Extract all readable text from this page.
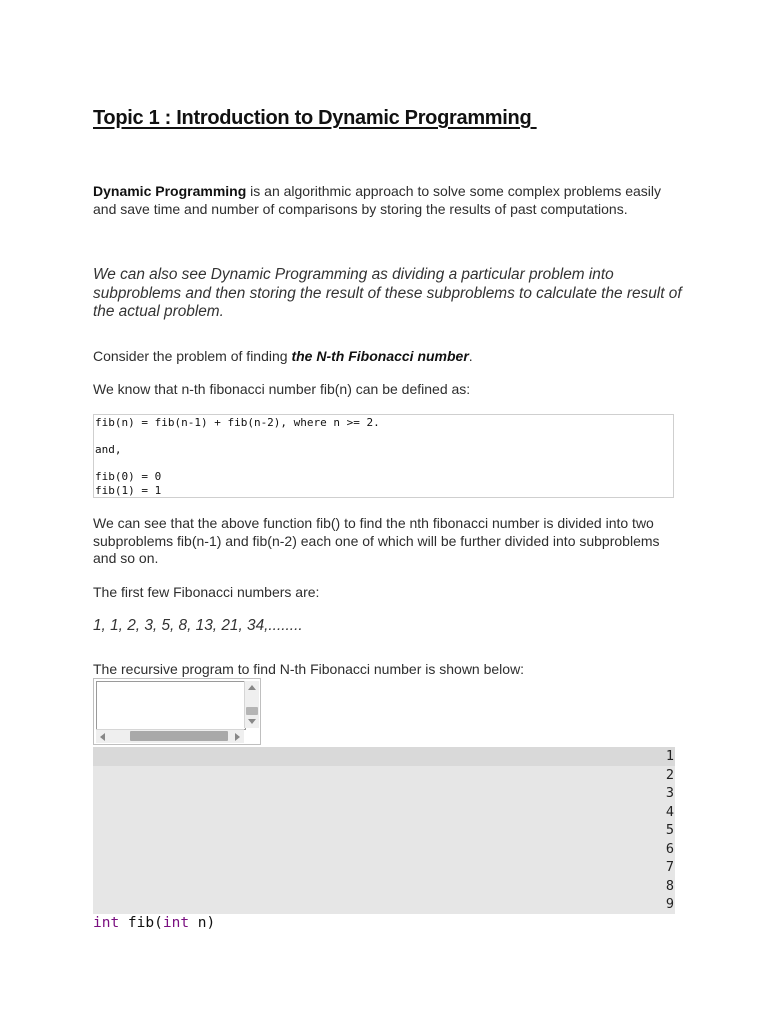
Topic 1 : Introduction to Dynamic Programming

Dynamic Programming is an algorithmic approach to solve some complex problems easily and save time and number of comparisons by storing the results of past computations.

We can also see Dynamic Programming as dividing a particular problem into subproblems and then storing the result of these subproblems to calculate the result of the actual problem.

Consider the problem of finding the N-th Fibonacci number.

We know that n-th fibonacci number fib(n) can be defined as:

fib(n) = fib(n-1) + fib(n-2), where n >= 2.
and,
fib(0) = 0
fib(1) = 1

We can see that the above function fib() to find the nth fibonacci number is divided into two subproblems fib(n-1) and fib(n-2) each one of which will be further divided into subproblems and so on.

The first few Fibonacci numbers are:

1, 1, 2, 3, 5, 8, 13, 21, 34,........

The recursive program to find N-th Fibonacci number is shown below:

1
2
3
4
5
6
7
8
9
int fib(int n)
